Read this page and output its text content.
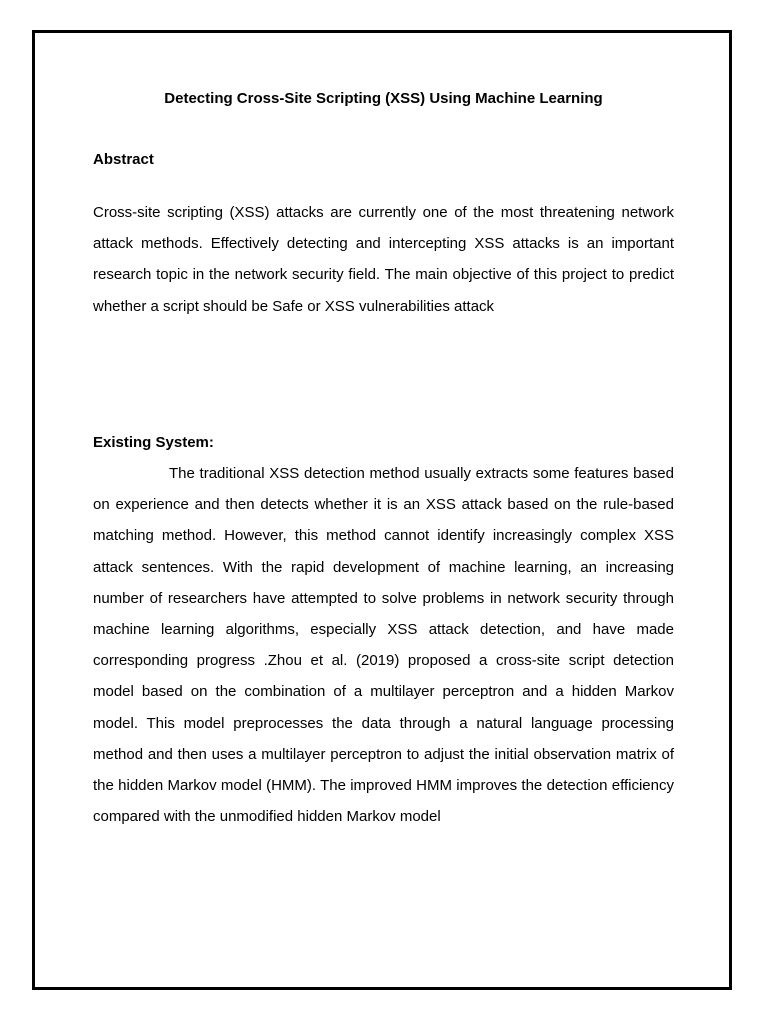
Detecting Cross-Site Scripting (XSS) Using Machine Learning
Abstract

Cross-site scripting (XSS) attacks are currently one of the most threatening network attack methods. Effectively detecting and intercepting XSS attacks is an important research topic in the network security field. The main objective of this project to predict whether a script should be Safe or XSS vulnerabilities attack

Existing System:

The traditional XSS detection method usually extracts some features based on experience and then detects whether it is an XSS attack based on the rule-based matching method. However, this method cannot identify increasingly complex XSS attack sentences. With the rapid development of machine learning, an increasing number of researchers have attempted to solve problems in network security through machine learning algorithms, especially XSS attack detection, and have made corresponding progress .Zhou et al. (2019) proposed a cross-site script detection model based on the combination of a multilayer perceptron and a hidden Markov model. This model preprocesses the data through a natural language processing method and then uses a multilayer perceptron to adjust the initial observation matrix of the hidden Markov model (HMM). The improved HMM improves the detection efficiency compared with the unmodified hidden Markov model
